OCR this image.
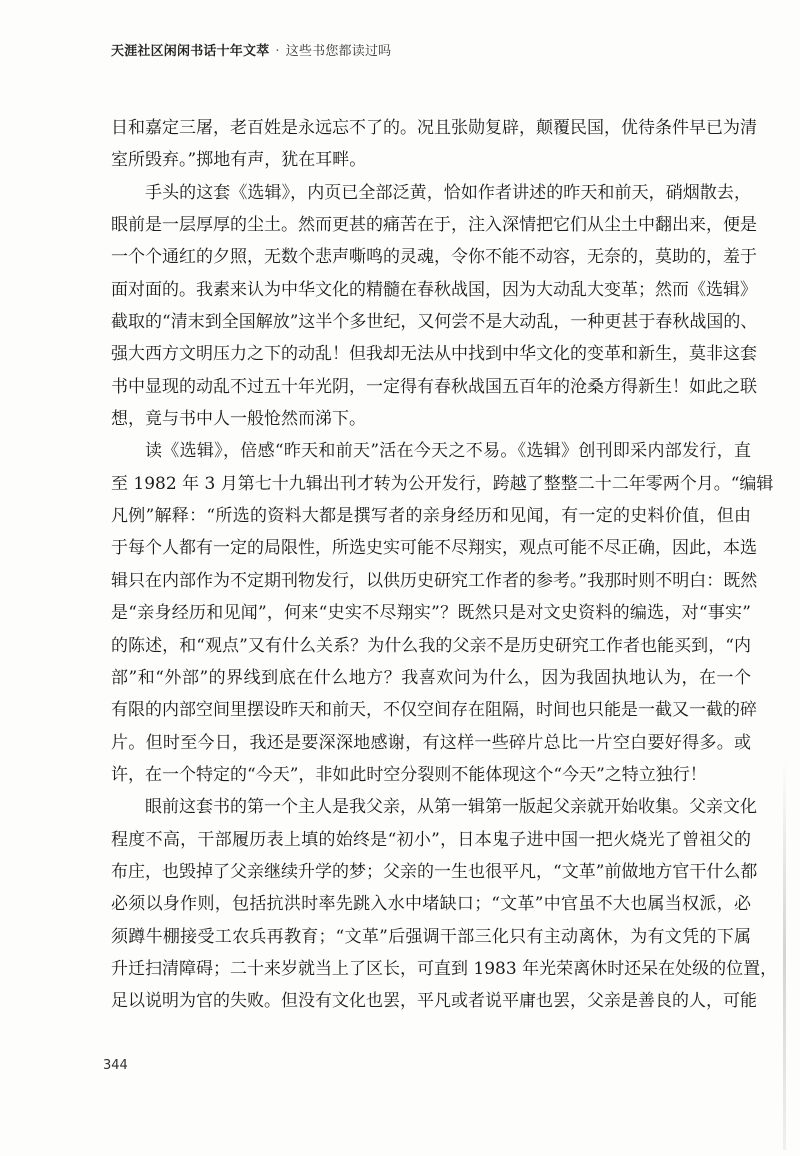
天涯社区闲闲书话十年文萃 · 这些书您都读过吗
日和嘉定三屠，老百姓是永远忘不了的。况且张勋复辟，颠覆民国，优待条件早已为清
室所毁弃。”掷地有声，犹在耳畔。
手头的这套《选辑》，内页已全部泛黄，恰如作者讲述的昨天和前天，硝烟散去，
眼前是一层厚厚的尘土。然而更甚的痛苦在于，注入深情把它们从尘土中翻出来，便是
一个个通红的夕照，无数个悲声嘶鸣的灵魂，令你不能不动容，无奈的，莫助的，羞于
面对面的。我素来认为中华文化的精髓在春秋战国，因为大动乱大变革；然而《选辑》
截取的“清末到全国解放”这半个多世纪，又何尝不是大动乱，一种更甚于春秋战国的、
强大西方文明压力之下的动乱！但我却无法从中找到中华文化的变革和新生，莫非这套
书中显现的动乱不过五十年光阴，一定得有春秋战国五百年的沧桑方得新生！如此之联
想，竟与书中人一般怆然而涕下。
读《选辑》，倍感“昨天和前天”活在今天之不易。《选辑》创刊即采内部发行，直
至 1982 年 3 月第七十九辑出刊才转为公开发行，跨越了整整二十二年零两个月。“编辑
凡例”解释：“所选的资料大都是撰写者的亲身经历和见闻，有一定的史料价值，但由
于每个人都有一定的局限性，所选史实可能不尽翔实，观点可能不尽正确，因此，本选
辑只在内部作为不定期刊物发行，以供历史研究工作者的参考。”我那时则不明白：既然
是“亲身经历和见闻”，何来“史实不尽翔实”？既然只是对文史资料的编选，对“事实”
的陈述，和“观点”又有什么关系？为什么我的父亲不是历史研究工作者也能买到，“内
部”和“外部”的界线到底在什么地方？我喜欢问为什么，因为我固执地认为，在一个
有限的内部空间里摆设昨天和前天，不仅空间存在阻隔，时间也只能是一截又一截的碎
片。但时至今日，我还是要深深地感谢，有这样一些碎片总比一片空白要好得多。或
许，在一个特定的“今天”，非如此时空分裂则不能体现这个“今天”之特立独行！
眼前这套书的第一个主人是我父亲，从第一辑第一版起父亲就开始收集。父亲文化
程度不高，干部履历表上填的始终是“初小”，日本鬼子进中国一把火烧光了曾祖父的
布庄，也毁掉了父亲继续升学的梦；父亲的一生也很平凡，“文革”前做地方官干什么都
必须以身作则，包括抗洪时率先跳入水中堵缺口；“文革”中官虽不大也属当权派，必
须蹲牛棚接受工农兵再教育；“文革”后强调干部三化只有主动离休，为有文凭的下属
升迁扫清障碍；二十来岁就当上了区长，可直到 1983 年光荣离休时还呆在处级的位置，
足以说明为官的失败。但没有文化也罢，平凡或者说平庸也罢，父亲是善良的人，可能
344
